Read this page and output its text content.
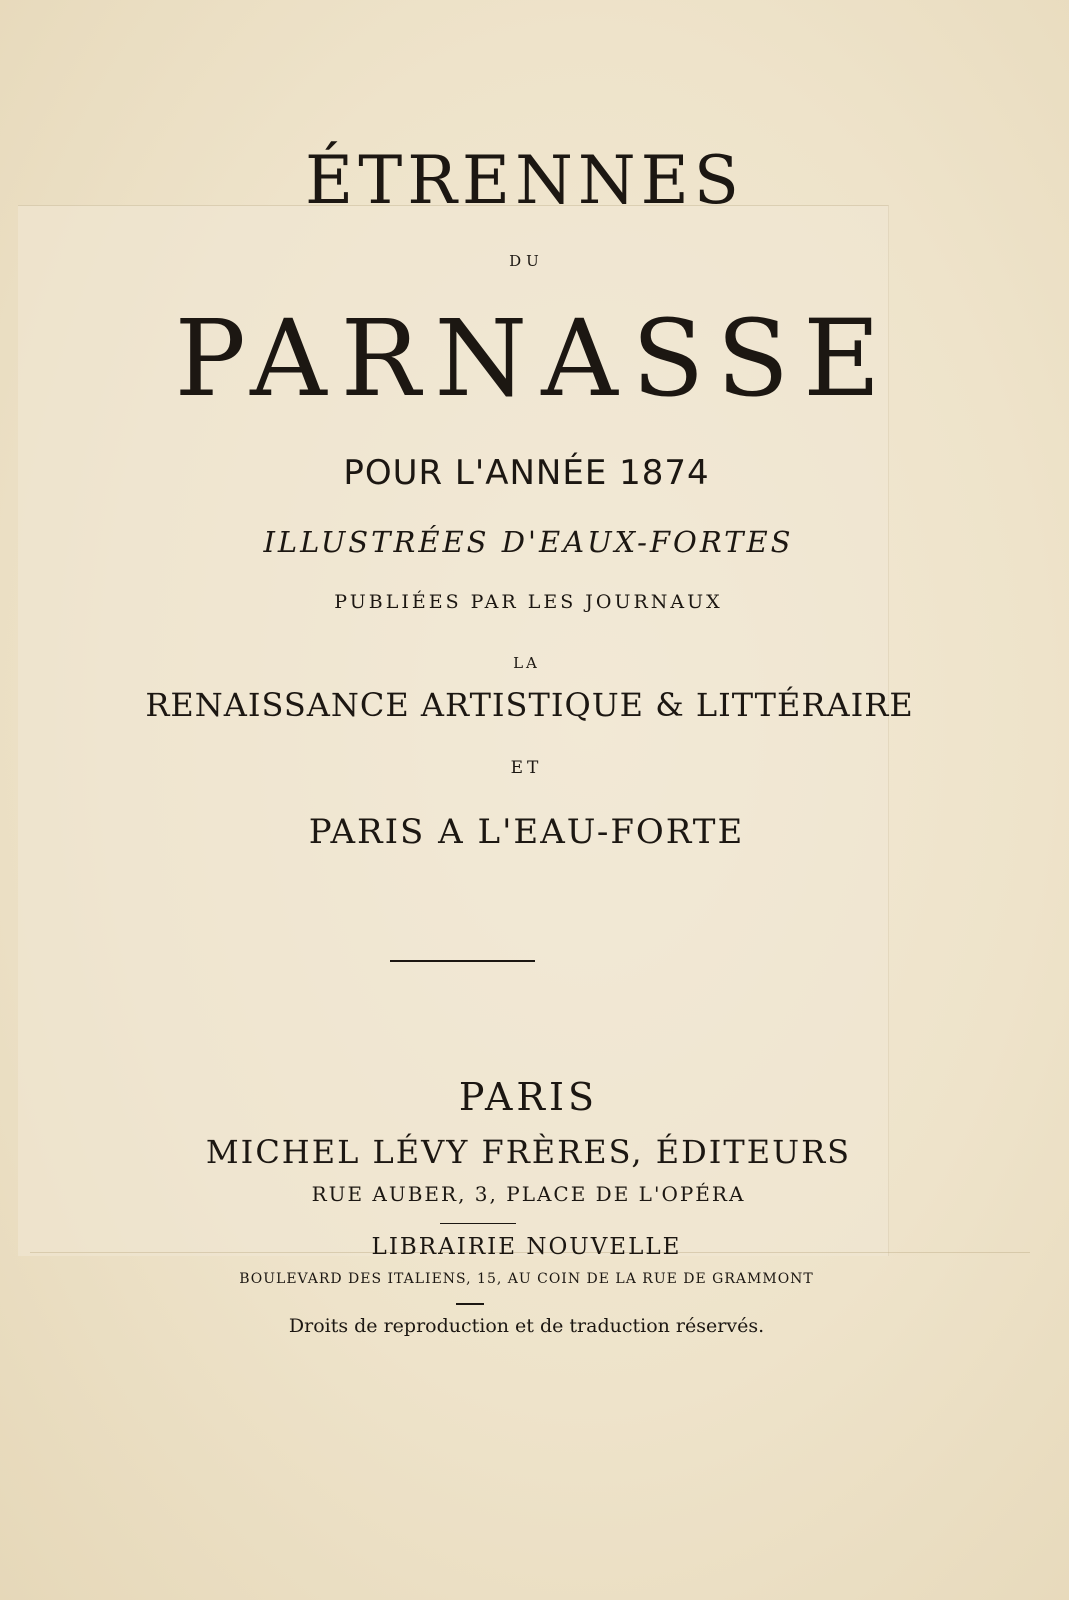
ÉTRENNES
DU
PARNASSE
POUR L'ANNÉE 1874
ILLUSTRÉES D'EAUX-FORTES
PUBLIÉES PAR LES JOURNAUX
LA
RENAISSANCE ARTISTIQUE & LITTÉRAIRE
ET
PARIS A L'EAU-FORTE
PARIS
MICHEL LÉVY FRÈRES, ÉDITEURS
RUE AUBER, 3, PLACE DE L'OPÉRA
LIBRAIRIE NOUVELLE
BOULEVARD DES ITALIENS, 15, AU COIN DE LA RUE DE GRAMMONT
Droits de reproduction et de traduction réservés.
